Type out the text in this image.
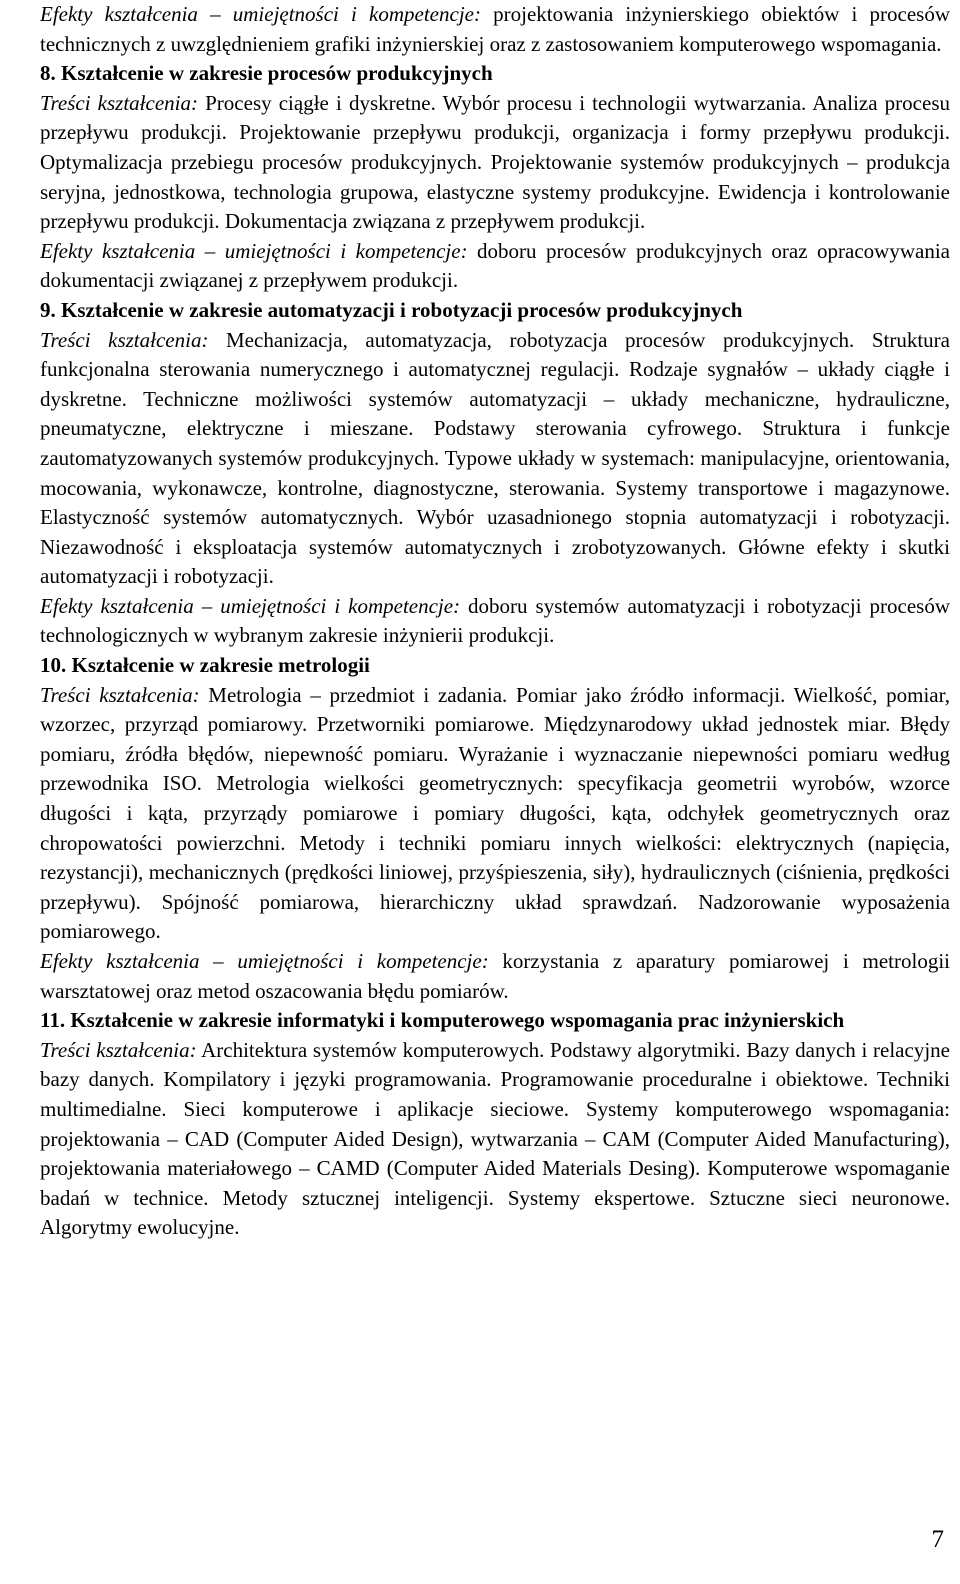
Efekty kształcenia – umiejętności i kompetencje: projektowania inżynierskiego obiektów i procesów technicznych z uwzględnieniem grafiki inżynierskiej oraz z zastosowaniem komputerowego wspomagania.

8. Kształcenie w zakresie procesów produkcyjnych

Treści kształcenia: Procesy ciągłe i dyskretne. Wybór procesu i technologii wytwarzania. Analiza procesu przepływu produkcji. Projektowanie przepływu produkcji, organizacja i formy przepływu produkcji. Optymalizacja przebiegu procesów produkcyjnych. Projektowanie systemów produkcyjnych – produkcja seryjna, jednostkowa, technologia grupowa, elastyczne systemy produkcyjne. Ewidencja i kontrolowanie przepływu produkcji. Dokumentacja związana z przepływem produkcji.

Efekty kształcenia – umiejętności i kompetencje: doboru procesów produkcyjnych oraz opracowywania dokumentacji związanej z przepływem produkcji.

9. Kształcenie w zakresie automatyzacji i robotyzacji procesów produkcyjnych

Treści kształcenia: Mechanizacja, automatyzacja, robotyzacja procesów produkcyjnych. Struktura funkcjonalna sterowania numerycznego i automatycznej regulacji. Rodzaje sygnałów – układy ciągłe i dyskretne. Techniczne możliwości systemów automatyzacji – układy mechaniczne, hydrauliczne, pneumatyczne, elektryczne i mieszane. Podstawy sterowania cyfrowego. Struktura i funkcje zautomatyzowanych systemów produkcyjnych. Typowe układy w systemach: manipulacyjne, orientowania, mocowania, wykonawcze, kontrolne, diagnostyczne, sterowania. Systemy transportowe i magazynowe. Elastyczność systemów automatycznych. Wybór uzasadnionego stopnia automatyzacji i robotyzacji. Niezawodność i eksploatacja systemów automatycznych i zrobotyzowanych. Główne efekty i skutki automatyzacji i robotyzacji.

Efekty kształcenia – umiejętności i kompetencje: doboru systemów automatyzacji i robotyzacji procesów technologicznych w wybranym zakresie inżynierii produkcji.

10. Kształcenie w zakresie metrologii

Treści kształcenia: Metrologia – przedmiot i zadania. Pomiar jako źródło informacji. Wielkość, pomiar, wzorzec, przyrząd pomiarowy. Przetworniki pomiarowe. Międzynarodowy układ jednostek miar. Błędy pomiaru, źródła błędów, niepewność pomiaru. Wyrażanie i wyznaczanie niepewności pomiaru według przewodnika ISO. Metrologia wielkości geometrycznych: specyfikacja geometrii wyrobów, wzorce długości i kąta, przyrządy pomiarowe i pomiary długości, kąta, odchyłek geometrycznych oraz chropowatości powierzchni. Metody i techniki pomiaru innych wielkości: elektrycznych (napięcia, rezystancji), mechanicznych (prędkości liniowej, przyśpieszenia, siły), hydraulicznych (ciśnienia, prędkości przepływu). Spójność pomiarowa, hierarchiczny układ sprawdzań. Nadzorowanie wyposażenia pomiarowego.

Efekty kształcenia – umiejętności i kompetencje: korzystania z aparatury pomiarowej i metrologii warsztatowej oraz metod oszacowania błędu pomiarów.

11. Kształcenie w zakresie informatyki i komputerowego wspomagania prac inżynierskich

Treści kształcenia: Architektura systemów komputerowych. Podstawy algorytmiki. Bazy danych i relacyjne bazy danych. Kompilatory i języki programowania. Programowanie proceduralne i obiektowe. Techniki multimedialne. Sieci komputerowe i aplikacje sieciowe. Systemy komputerowego wspomagania: projektowania – CAD (Computer Aided Design), wytwarzania – CAM (Computer Aided Manufacturing), projektowania materiałowego – CAMD (Computer Aided Materials Desing). Komputerowe wspomaganie badań w technice. Metody sztucznej inteligencji. Systemy ekspertowe. Sztuczne sieci neuronowe. Algorytmy ewolucyjne.

7
